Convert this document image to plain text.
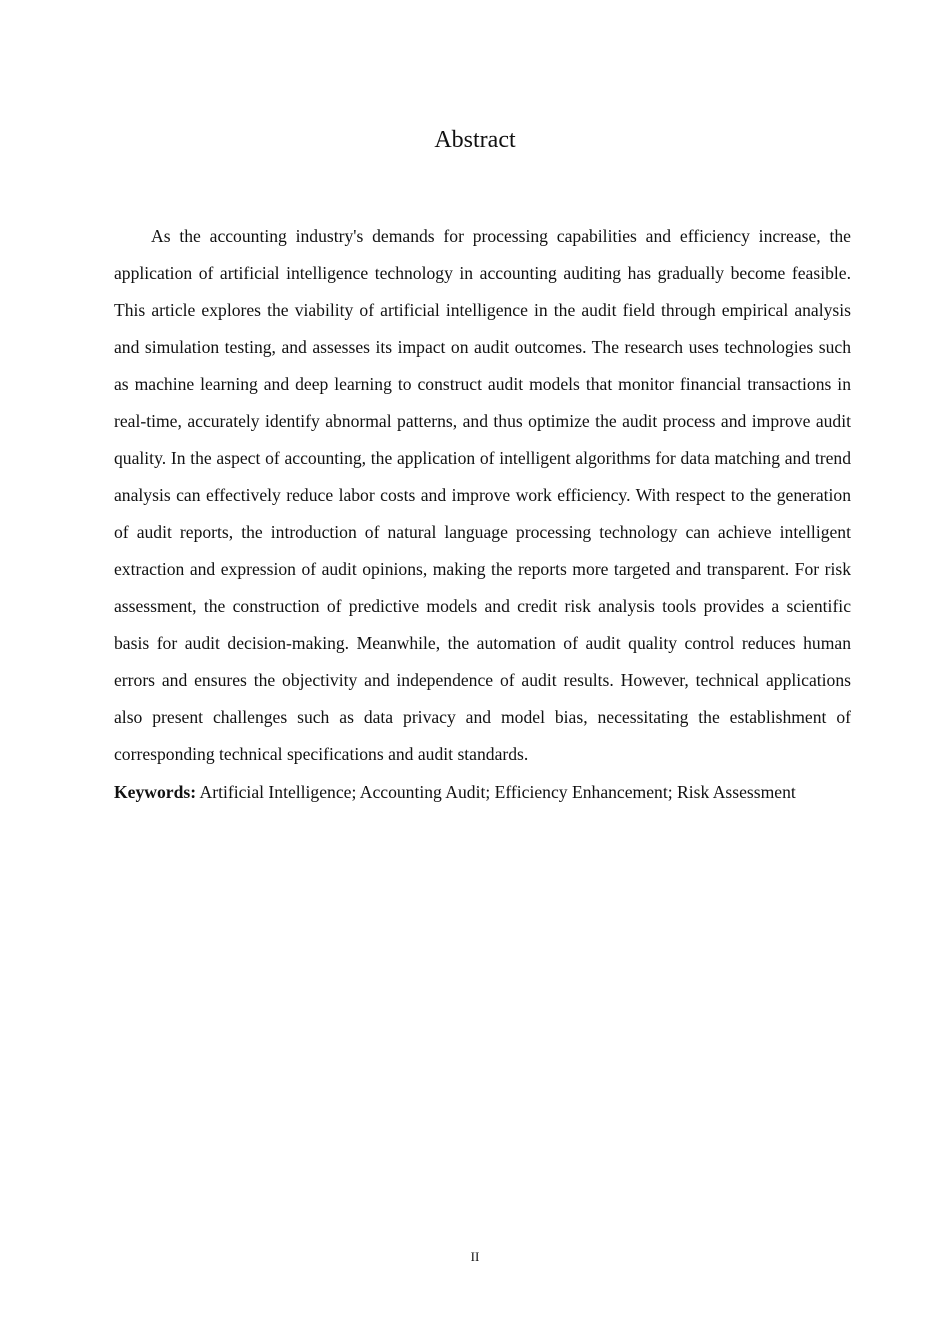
Abstract

As the accounting industry's demands for processing capabilities and efficiency increase, the application of artificial intelligence technology in accounting auditing has gradually become feasible. This article explores the viability of artificial intelligence in the audit field through empirical analysis and simulation testing, and assesses its impact on audit outcomes. The research uses technologies such as machine learning and deep learning to construct audit models that monitor financial transactions in real-time, accurately identify abnormal patterns, and thus optimize the audit process and improve audit quality. In the aspect of accounting, the application of intelligent algorithms for data matching and trend analysis can effectively reduce labor costs and improve work efficiency. With respect to the generation of audit reports, the introduction of natural language processing technology can achieve intelligent extraction and expression of audit opinions, making the reports more targeted and transparent. For risk assessment, the construction of predictive models and credit risk analysis tools provides a scientific basis for audit decision-making. Meanwhile, the automation of audit quality control reduces human errors and ensures the objectivity and independence of audit results. However, technical applications also present challenges such as data privacy and model bias, necessitating the establishment of corresponding technical specifications and audit standards.

Keywords: Artificial Intelligence; Accounting Audit; Efficiency Enhancement; Risk Assessment

II
